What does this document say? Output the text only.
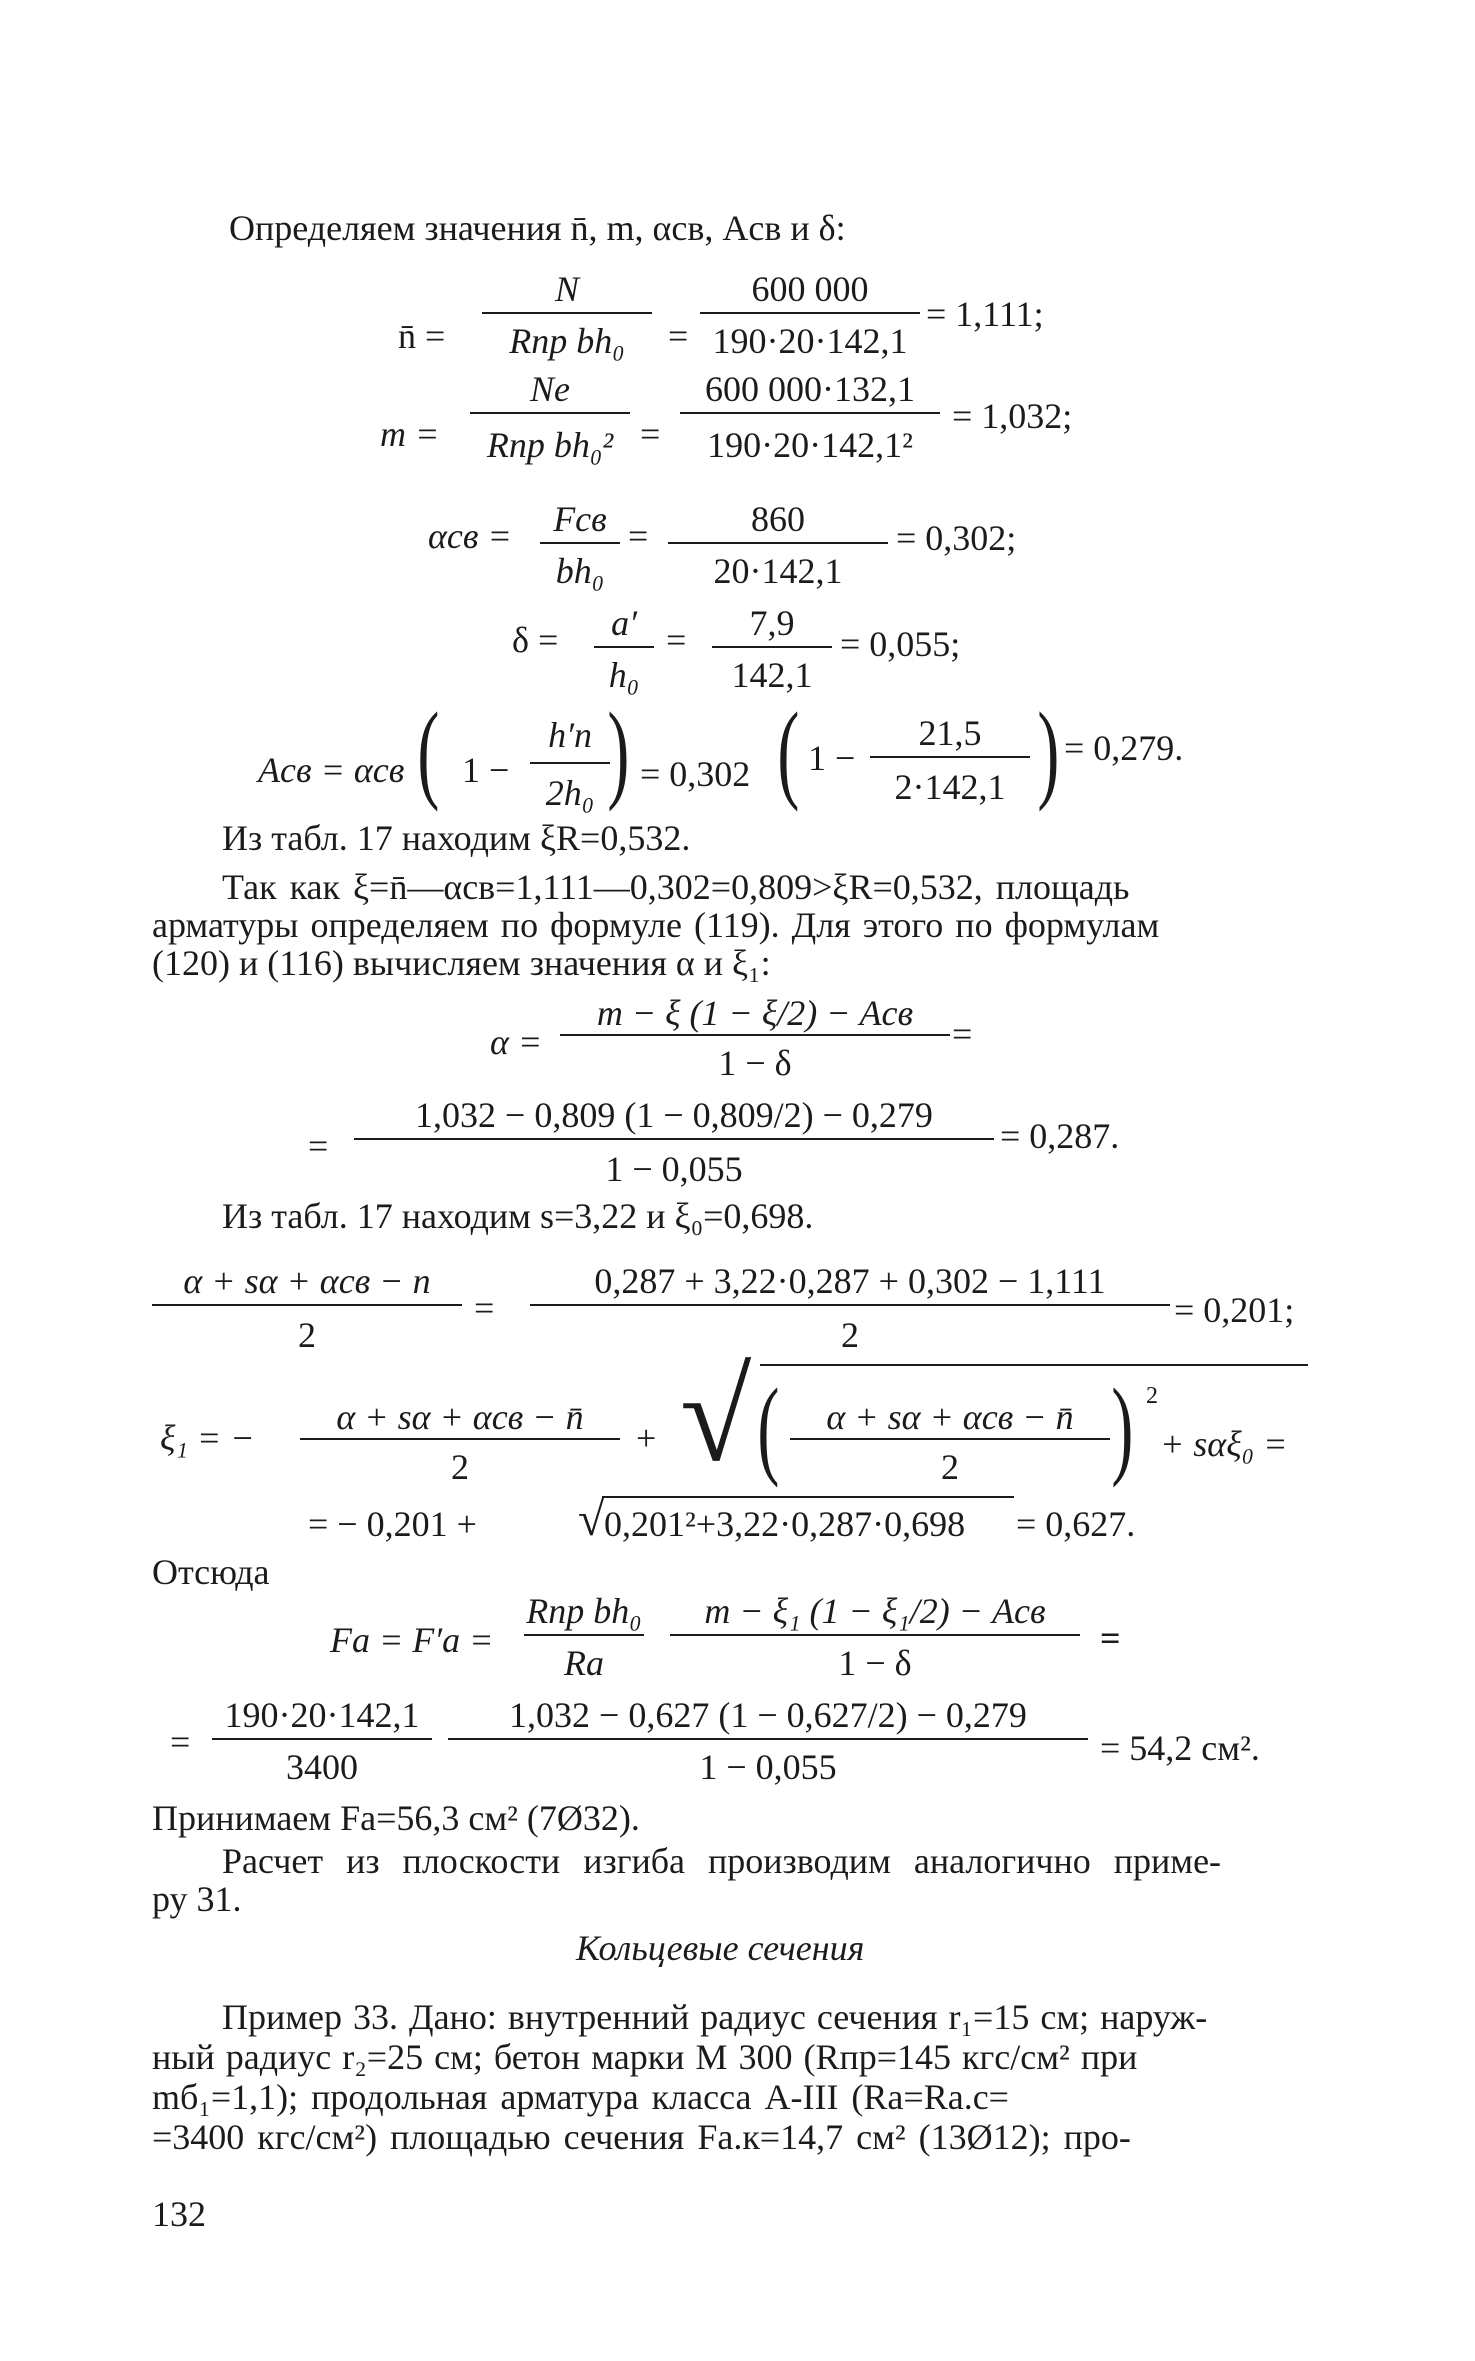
Определяем значения n̄, m, αсв, Aсв и δ:
n̄ =
N
Rпр bh₀	=
600 000
190·20·142,1
= 1,111;
m =
Ne
Rпр bh₀² =
600 000·132,1
190·20·142,1²
= 1,032;
αсв =	Fсв
bh₀
=	860
20·142,1
= 0,302;
δ =	a′
h₀
=	7,9
142,1
= 0,055;
Aсв = αсв ( 1 −
h′п
2h₀ ) = 0,302 ( 1 −
21,5
2·142,1 ) = 0,279.
Из табл. 17 находим ξR=0,532.
Так как ξ=n̄—αсв=1,111—0,302=0,809>ξR=0,532, площадь
арматуры определяем по формуле (119). Для этого по формулам
(120) и (116) вычисляем значения α и ξ₁:
α =
m − ξ (1 − ξ/2) − Aсв
1 − δ
=
=
1,032 − 0,809 (1 − 0,809/2) − 0,279
1 − 0,055
= 0,287.
Из табл. 17 находим s=3,22 и ξ₀=0,698.
α + sα + αсв − n
2
=
0,287 + 3,22·0,287 + 0,302 − 1,111
2
= 0,201;
ξ₁ = −
α + sα + αсв − n̄
2
+ √ (	α + sα + αсв − n̄
2	) 2
+ sαξ₀ =
= − 0,201 + √ 0,201²+3,22·0,287·0,698 = 0,627.
Отсюда
Fa = F′a =
Rпр bh₀
Ra
m − ξ₁ (1 − ξ₁/2) − Aсв
1 − δ
=
=
190·20·142,1
3400
1,032 − 0,627 (1 − 0,627/2) − 0,279
1 − 0,055	= 54,2 см².
Принимаем Fa=56,3 см² (7Ø32).
Расчет из плоскости изгиба производим аналогично приме-
ру 31.
Кольцевые сечения
Пример 33. Дано: внутренний радиус сечения r₁=15 см; наруж-
ный радиус r₂=25 см; бетон марки М 300 (Rпр=145 кгс/см² при
mб₁=1,1); продольная арматура класса А-III (Ra=Ra.c=
=3400 кгс/см²) площадью сечения Fa.к=14,7 см² (13Ø12); про-
132
